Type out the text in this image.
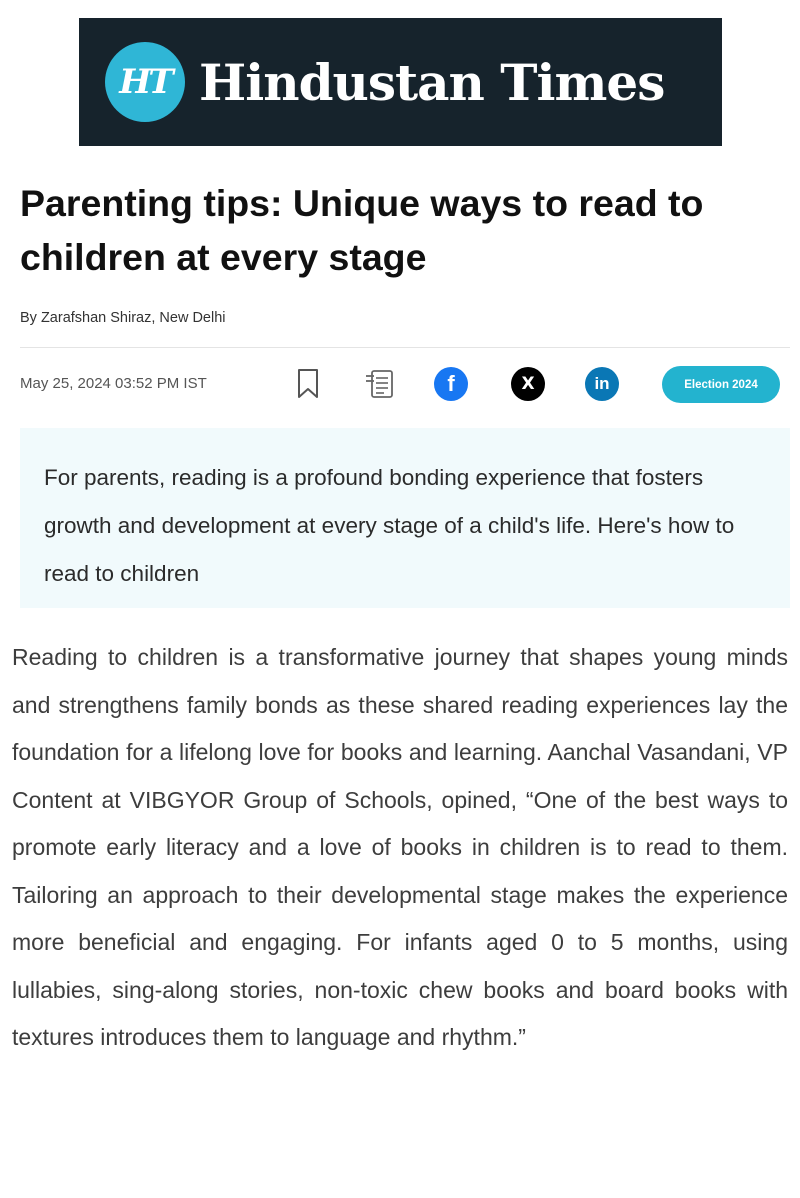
HT Hindustan Times
Parenting tips: Unique ways to read to children at every stage
By Zarafshan Shiraz, New Delhi
May 25, 2024 03:52 PM IST	f	X	in	Election 2024

For parents, reading is a profound bonding experience that fosters growth and development at every stage of a child's life. Here's how to read to children

Reading to children is a transformative journey that shapes young minds and strengthens family bonds as these shared reading experiences lay the foundation for a lifelong love for books and learning. Aanchal Vasandani, VP Content at VIBGYOR Group of Schools, opined, “One of the best ways to promote early literacy and a love of books in children is to read to them. Tailoring an approach to their developmental stage makes the experience more beneficial and engaging. For infants aged 0 to 5 months, using lullabies, sing-along stories, non-toxic chew books and board books with textures introduces them to language and rhythm.”
